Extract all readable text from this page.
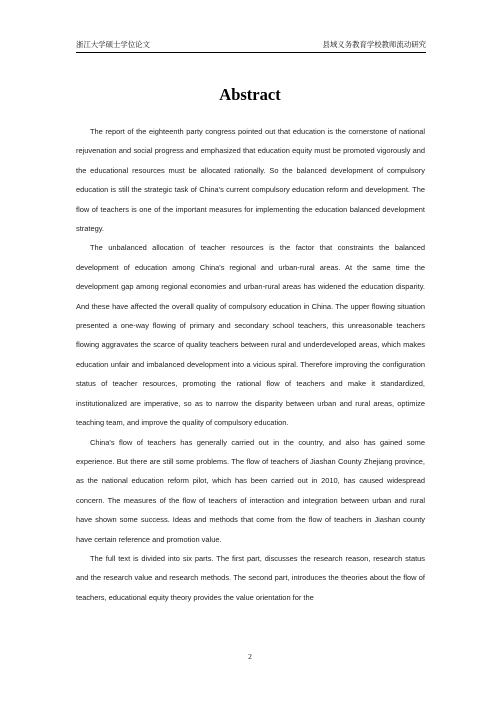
浙江大学硕士学位论文	县域义务教育学校教师流动研究
Abstract

The report of the eighteenth party congress pointed out that education is the cornerstone of national rejuvenation and social progress and emphasized that education equity must be promoted vigorously and the educational resources must be allocated rationally. So the balanced development of compulsory education is still the strategic task of China's current compulsory education reform and development. The flow of teachers is one of the important measures for implementing the education balanced development strategy.

The unbalanced allocation of teacher resources is the factor that constraints the balanced development of education among China's regional and urban-rural areas. At the same time the development gap among regional economies and urban-rural areas has widened the education disparity. And these have affected the overall quality of compulsory education in China. The upper flowing situation presented a one-way flowing of primary and secondary school teachers, this unreasonable teachers flowing aggravates the scarce of quality teachers between rural and underdeveloped areas, which makes education unfair and imbalanced development into a vicious spiral. Therefore improving the configuration status of teacher resources, promoting the rational flow of teachers and make it standardized, institutionalized are imperative, so as to narrow the disparity between urban and rural areas, optimize teaching team, and improve the quality of compulsory education.

China's flow of teachers has generally carried out in the country, and also has gained some experience. But there are still some problems. The flow of teachers of Jiashan County Zhejiang province, as the national education reform pilot, which has been carried out in 2010, has caused widespread concern. The measures of the flow of teachers of interaction and integration between urban and rural have shown some success. Ideas and methods that come from the flow of teachers in Jiashan county have certain reference and promotion value.

The full text is divided into six parts. The first part, discusses the research reason, research status and the research value and research methods. The second part, introduces the theories about the flow of teachers, educational equity theory provides the value orientation for the

2
